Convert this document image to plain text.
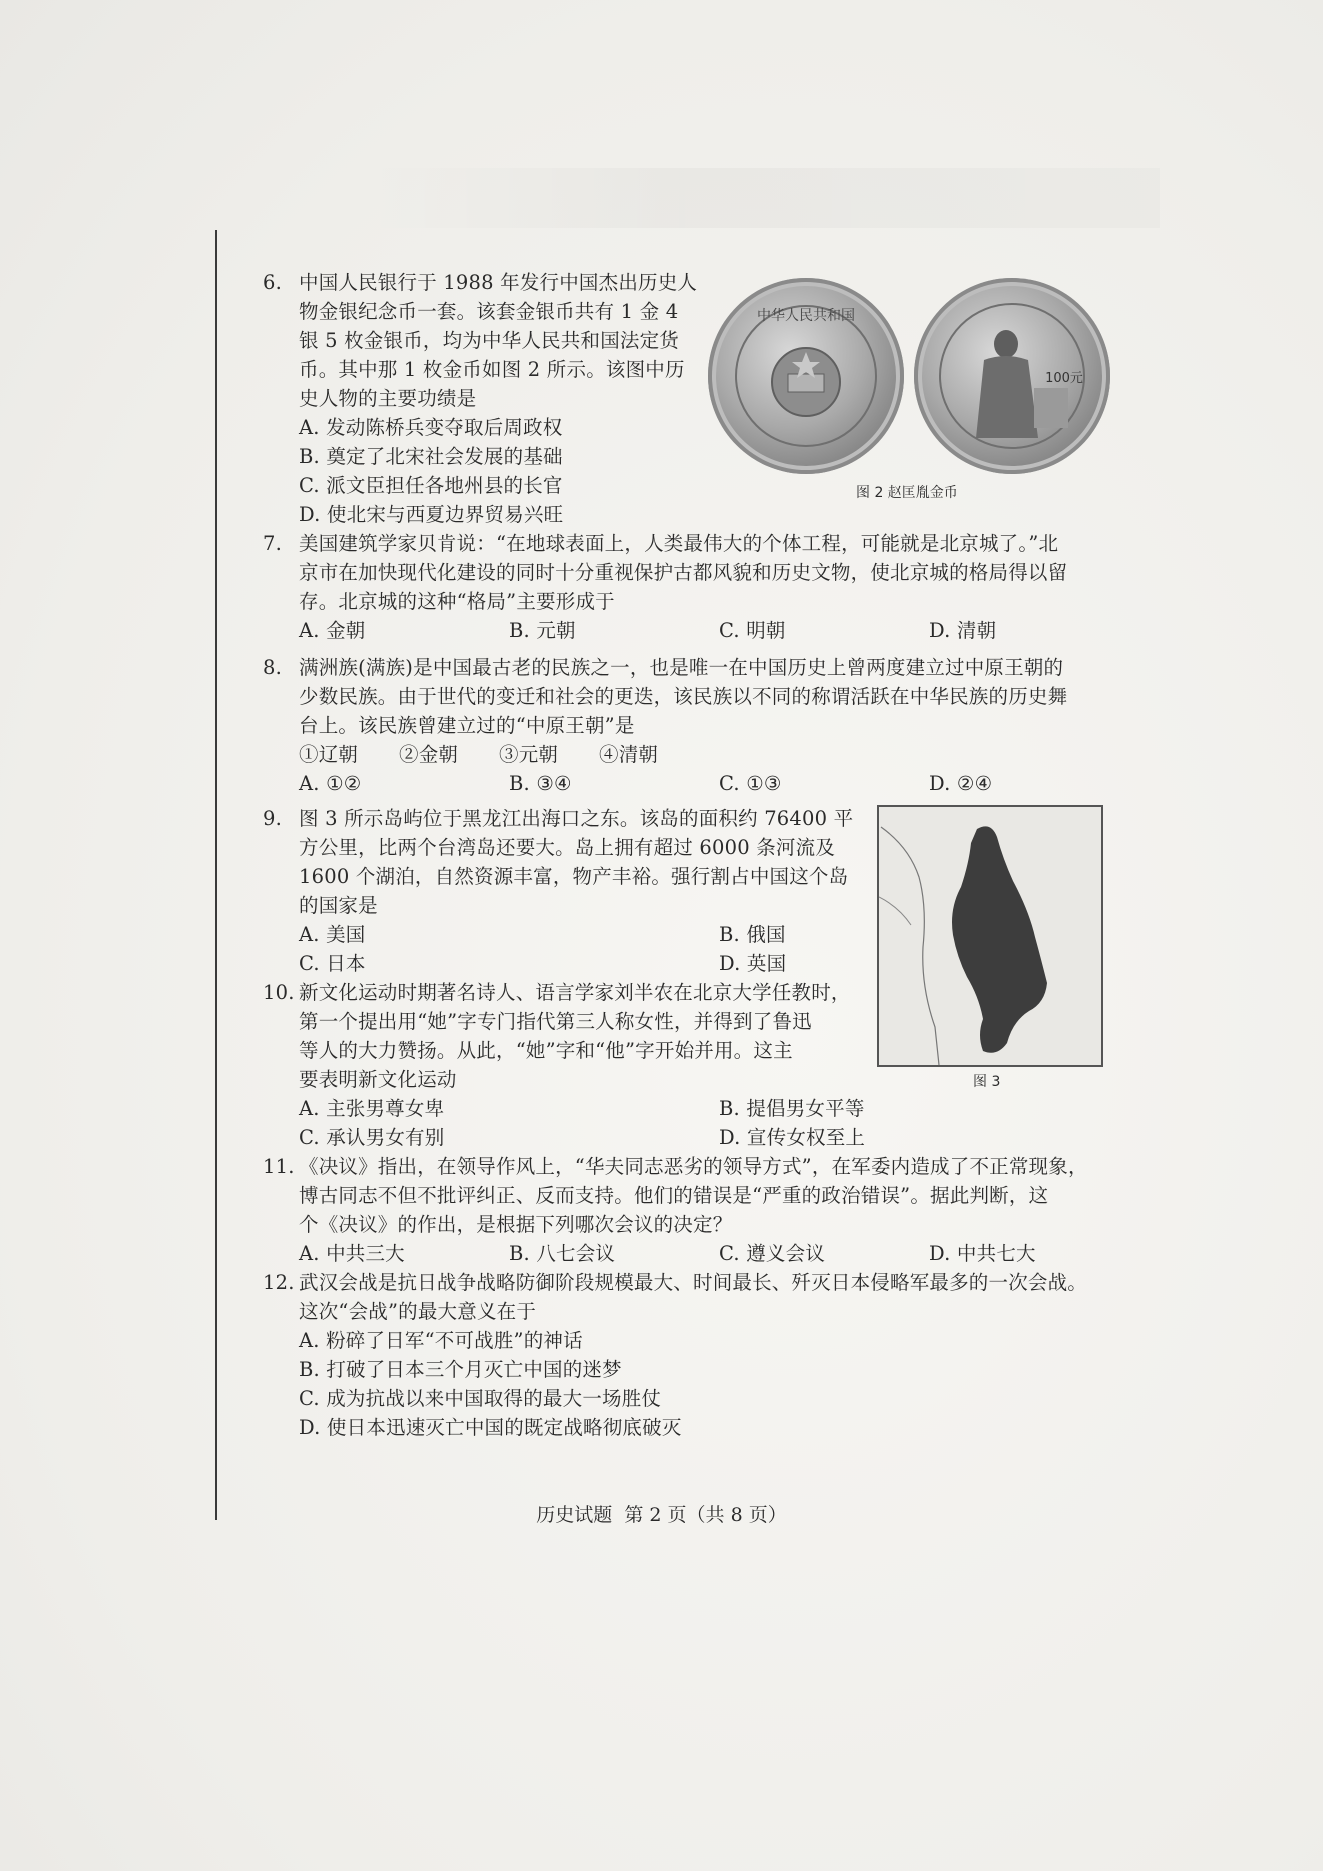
6. 中国人民银行于 1988 年发行中国杰出历史人
物金银纪念币一套。该套金银币共有 1 金 4
银 5 枚金银币，均为中华人民共和国法定货
币。其中那 1 枚金币如图 2 所示。该图中历
史人物的主要功绩是
A. 发动陈桥兵变夺取后周政权
B. 奠定了北宋社会发展的基础
C. 派文臣担任各地州县的长官
D. 使北宋与西夏边界贸易兴旺
中华人民共和国
100元
图 2 赵匡胤金币
7. 美国建筑学家贝肯说：“在地球表面上，人类最伟大的个体工程，可能就是北京城了。”北
京市在加快现代化建设的同时十分重视保护古都风貌和历史文物，使北京城的格局得以留
存。北京城的这种“格局”主要形成于
A. 金朝	B. 元朝	C. 明朝	D. 清朝
8. 满洲族(满族)是中国最古老的民族之一，也是唯一在中国历史上曾两度建立过中原王朝的
少数民族。由于世代的变迁和社会的更迭，该民族以不同的称谓活跃在中华民族的历史舞
台上。该民族曾建立过的“中原王朝”是
①辽朝 ②金朝 ③元朝 ④清朝
A. ①②	B. ③④	C. ①③	D. ②④
9. 图 3 所示岛屿位于黑龙江出海口之东。该岛的面积约 76400 平
方公里，比两个台湾岛还要大。岛上拥有超过 6000 条河流及
1600 个湖泊，自然资源丰富，物产丰裕。强行割占中国这个岛
的国家是
A. 美国	B. 俄国
C. 日本	D. 英国
图 3
10. 新文化运动时期著名诗人、语言学家刘半农在北京大学任教时，
第一个提出用“她”字专门指代第三人称女性，并得到了鲁迅
等人的大力赞扬。从此，“她”字和“他”字开始并用。这主
要表明新文化运动
A. 主张男尊女卑	B. 提倡男女平等
C. 承认男女有别	D. 宣传女权至上
11. 《决议》指出，在领导作风上，“华夫同志恶劣的领导方式”，在军委内造成了不正常现象，
博古同志不但不批评纠正、反而支持。他们的错误是“严重的政治错误”。据此判断，这
个《决议》的作出，是根据下列哪次会议的决定？
A. 中共三大	B. 八七会议	C. 遵义会议	D. 中共七大
12. 武汉会战是抗日战争战略防御阶段规模最大、时间最长、歼灭日本侵略军最多的一次会战。
这次“会战”的最大意义在于
A. 粉碎了日军“不可战胜”的神话
B. 打破了日本三个月灭亡中国的迷梦
C. 成为抗战以来中国取得的最大一场胜仗
D. 使日本迅速灭亡中国的既定战略彻底破灭
历史试题  第 2 页（共 8 页）
